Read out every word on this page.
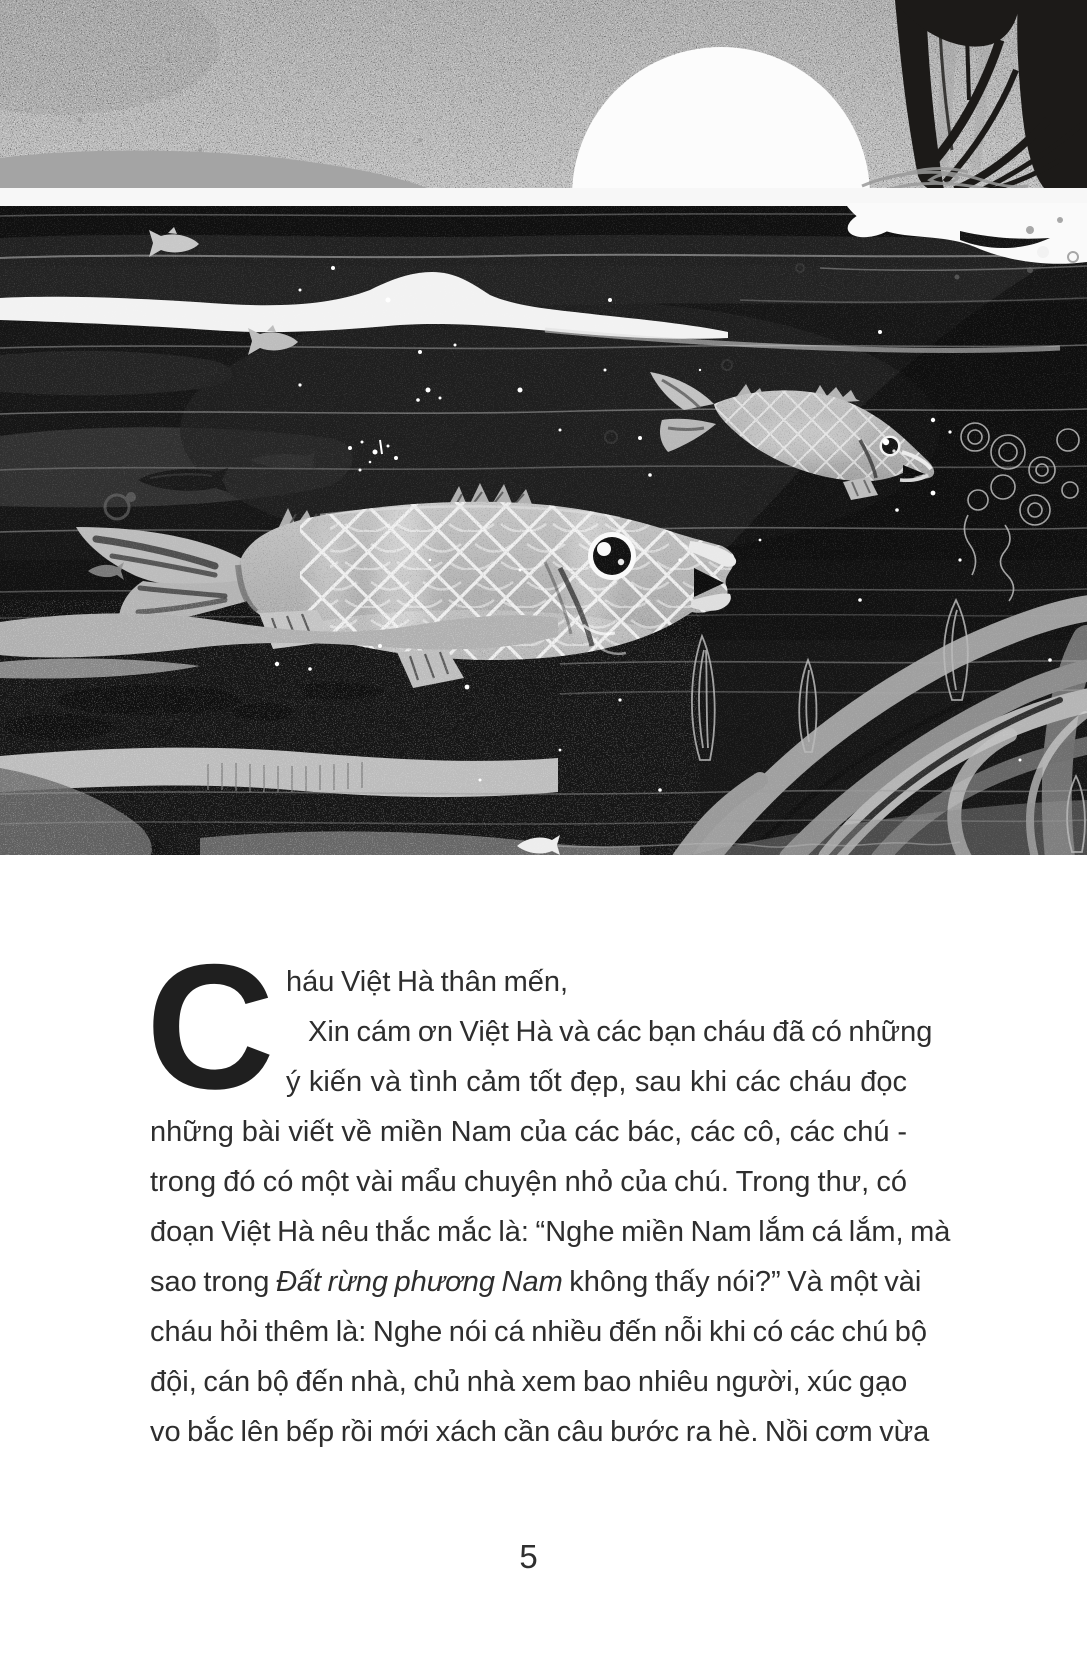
C háu Việt Hà thân mến,
Xin cám ơn Việt Hà và các bạn cháu đã có những
ý kiến và tình cảm tốt đẹp, sau khi các cháu đọc
những bài viết về miền Nam của các bác, các cô, các chú -
trong đó có một vài mẩu chuyện nhỏ của chú. Trong thư, có
đoạn Việt Hà nêu thắc mắc là: “Nghe miền Nam lắm cá lắm, mà
sao trong Đất rừng phương Nam không thấy nói?” Và một vài
cháu hỏi thêm là: Nghe nói cá nhiều đến nỗi khi có các chú bộ
đội, cán bộ đến nhà, chủ nhà xem bao nhiêu người, xúc gạo
vo bắc lên bếp rồi mới xách cần câu bước ra hè. Nồi cơm vừa
5
